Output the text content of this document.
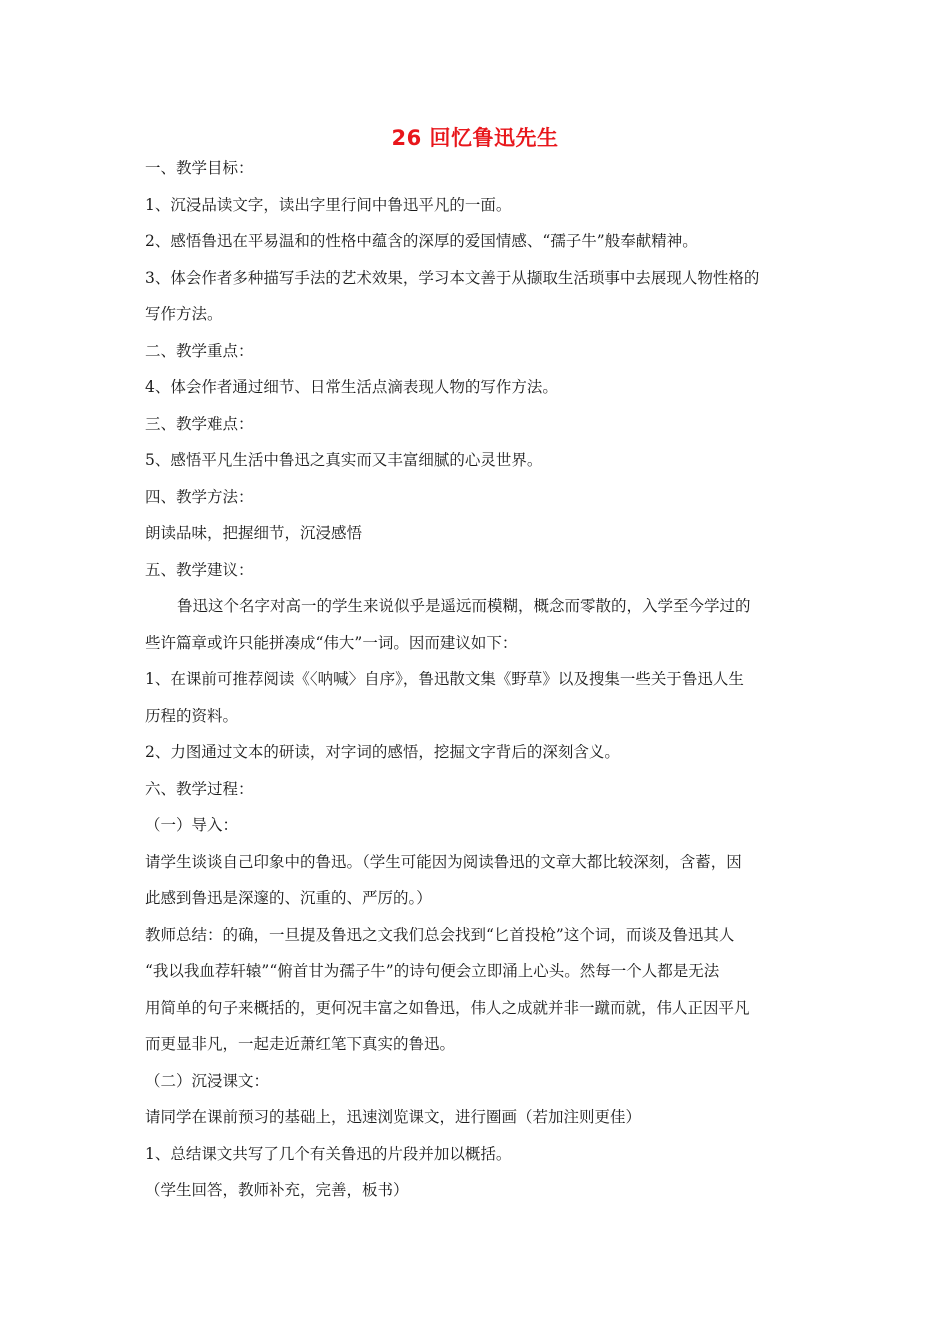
26 回忆鲁迅先生

一、教学目标：

1、沉浸品读文字，读出字里行间中鲁迅平凡的一面。

2、感悟鲁迅在平易温和的性格中蕴含的深厚的爱国情感、“孺子牛”般奉献精神。

3、体会作者多种描写手法的艺术效果，学习本文善于从撷取生活琐事中去展现人物性格的

写作方法。

二、教学重点：

4、体会作者通过细节、日常生活点滴表现人物的写作方法。

三、教学难点：

5、感悟平凡生活中鲁迅之真实而又丰富细腻的心灵世界。

四、教学方法：

朗读品味，把握细节，沉浸感悟

五、教学建议：

鲁迅这个名字对高一的学生来说似乎是遥远而模糊，概念而零散的，入学至今学过的

些许篇章或许只能拼凑成“伟大”一词。因而建议如下：

1、在课前可推荐阅读《〈呐喊〉自序》，鲁迅散文集《野草》以及搜集一些关于鲁迅人生

历程的资料。

2、力图通过文本的研读，对字词的感悟，挖掘文字背后的深刻含义。

六、教学过程：

（一）导入：

请学生谈谈自己印象中的鲁迅。（学生可能因为阅读鲁迅的文章大都比较深刻，含蓄，因

此感到鲁迅是深邃的、沉重的、严厉的。）

教师总结：的确，一旦提及鲁迅之文我们总会找到“匕首投枪”这个词，而谈及鲁迅其人

“我以我血荐轩辕”“俯首甘为孺子牛”的诗句便会立即涌上心头。然每一个人都是无法

用简单的句子来概括的，更何况丰富之如鲁迅，伟人之成就并非一蹴而就，伟人正因平凡

而更显非凡，一起走近萧红笔下真实的鲁迅。

（二）沉浸课文：

请同学在课前预习的基础上，迅速浏览课文，进行圈画（若加注则更佳）

1、总结课文共写了几个有关鲁迅的片段并加以概括。

（学生回答，教师补充，完善，板书）
